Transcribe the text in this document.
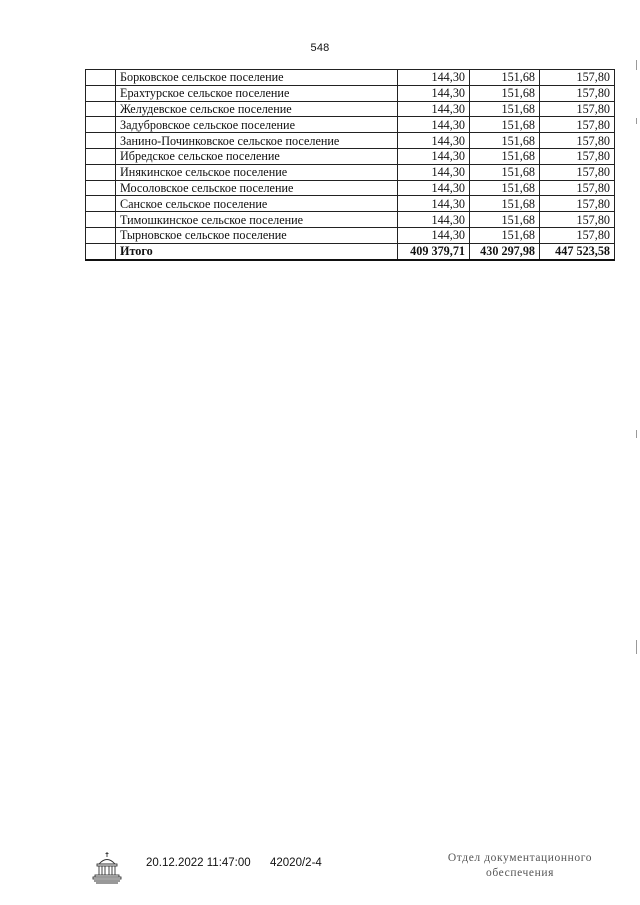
548
	Борковское сельское поселение	144,30	151,68	157,80
	Ерахтурское сельское поселение	144,30	151,68	157,80
	Желудевское сельское поселение	144,30	151,68	157,80
	Задубровское сельское поселение	144,30	151,68	157,80
	Занино-Починковское сельское поселение	144,30	151,68	157,80
	Ибредское сельское поселение	144,30	151,68	157,80
	Инякинское сельское поселение	144,30	151,68	157,80
	Мосоловское сельское поселение	144,30	151,68	157,80
	Санское сельское поселение	144,30	151,68	157,80
	Тимошкинское сельское поселение	144,30	151,68	157,80
	Тырновское сельское поселение	144,30	151,68	157,80
	Итого	409 379,71	430 297,98	447 523,58
20.12.2022 11:47:00 42020/2-4	Отдел документационного
обеспечения
